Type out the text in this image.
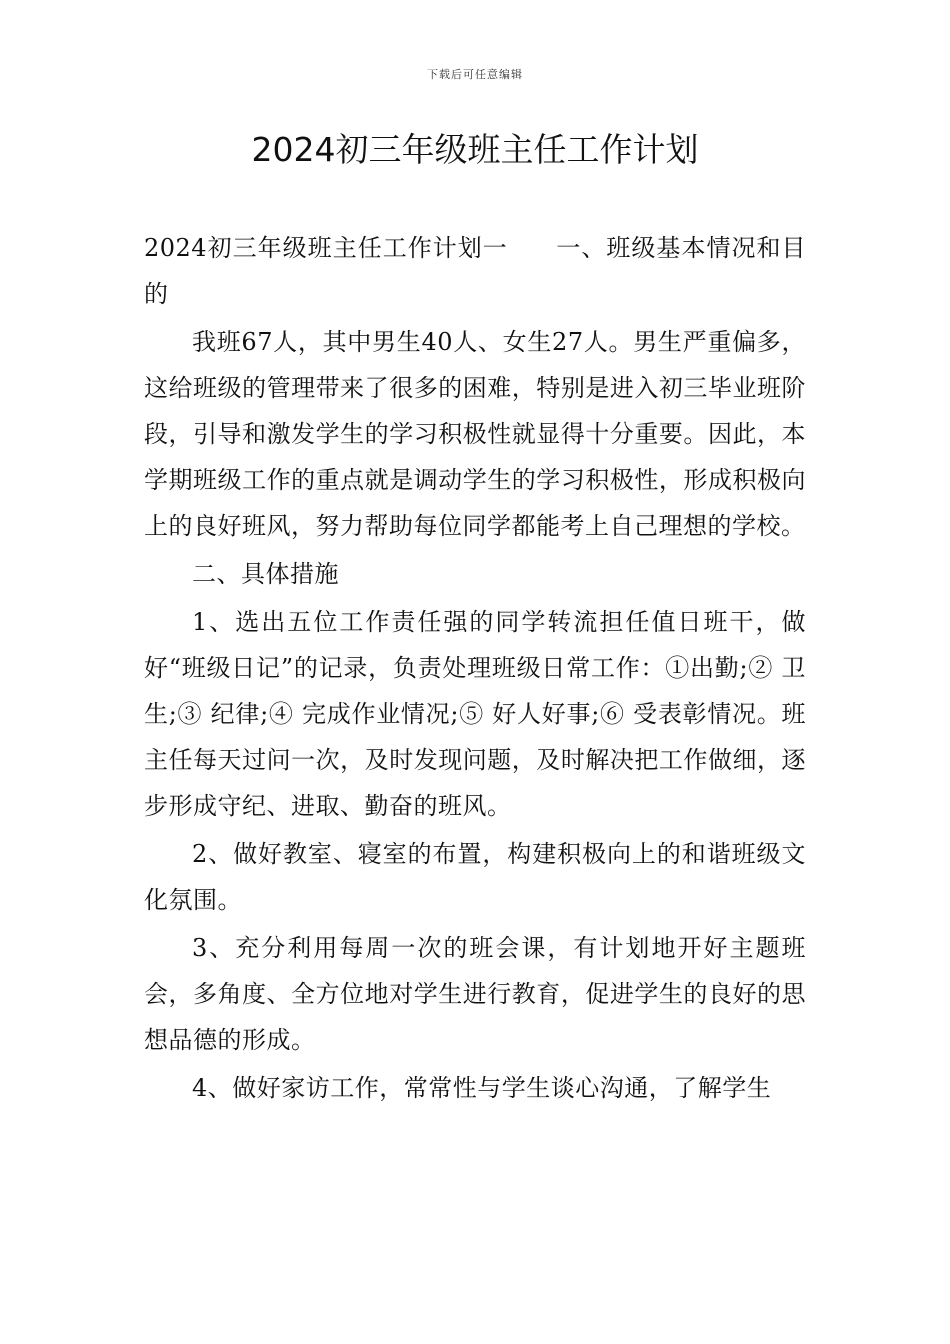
下载后可任意编辑
2024初三年级班主任工作计划

2024初三年级班主任工作计划一 一、班级基本情况和目的

我班67人，其中男生40人、女生27人。男生严重偏多，这给班级的管理带来了很多的困难，特别是进入初三毕业班阶段，引导和激发学生的学习积极性就显得十分重要。因此，本学期班级工作的重点就是调动学生的学习积极性，形成积极向上的良好班风，努力帮助每位同学都能考上自己理想的学校。

二、具体措施

1、选出五位工作责任强的同学转流担任值日班干，做好“班级日记”的记录，负责处理班级日常工作：①出勤;② 卫生;③ 纪律;④ 完成作业情况;⑤ 好人好事;⑥ 受表彰情况。班主任每天过问一次，及时发现问题，及时解决把工作做细，逐步形成守纪、进取、勤奋的班风。

2、做好教室、寝室的布置，构建积极向上的和谐班级文化氛围。

3、充分利用每周一次的班会课，有计划地开好主题班会，多角度、全方位地对学生进行教育，促进学生的良好的思想品德的形成。

4、做好家访工作，常常性与学生谈心沟通，了解学生
